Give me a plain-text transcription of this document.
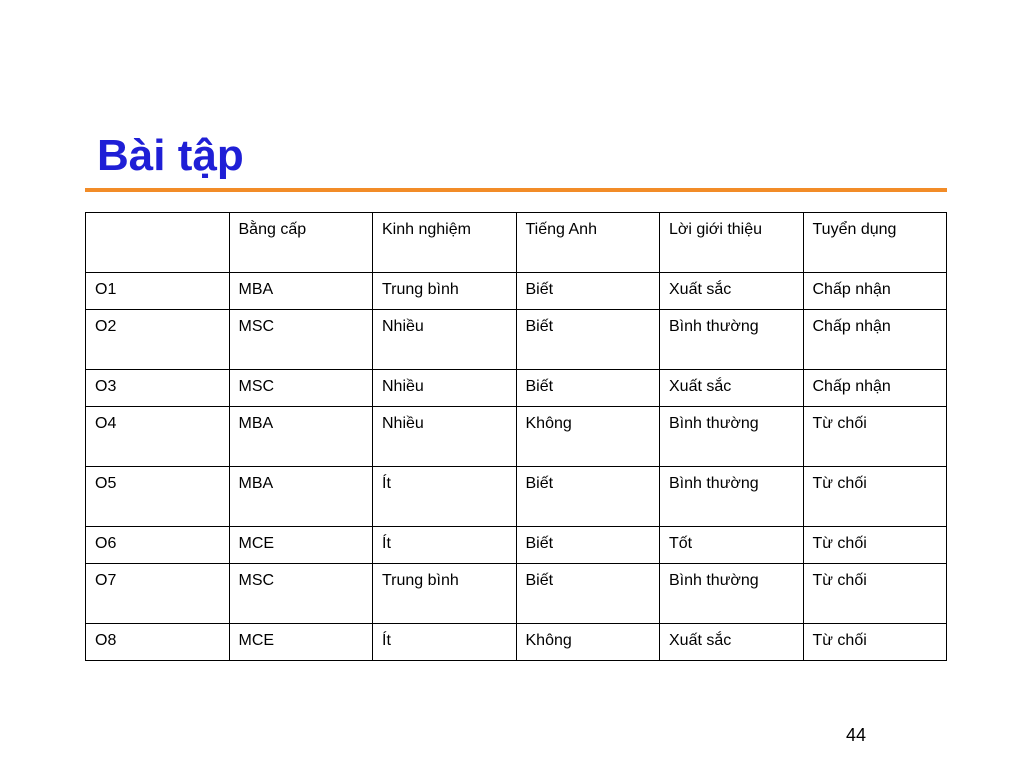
Bài tập
	Bằng cấp	Kinh nghiệm	Tiếng Anh	Lời giới thiệu	Tuyển dụng
O1	MBA	Trung bình	Biết	Xuất sắc	Chấp nhận
O2	MSC	Nhiều	Biết	Bình thường	Chấp nhận
O3	MSC	Nhiều	Biết	Xuất sắc	Chấp nhận
O4	MBA	Nhiều	Không	Bình thường	Từ chối
O5	MBA	Ít	Biết	Bình thường	Từ chối
O6	MCE	Ít	Biết	Tốt	Từ chối
O7	MSC	Trung bình	Biết	Bình thường	Từ chối
O8	MCE	Ít	Không	Xuất sắc	Từ chối
44
